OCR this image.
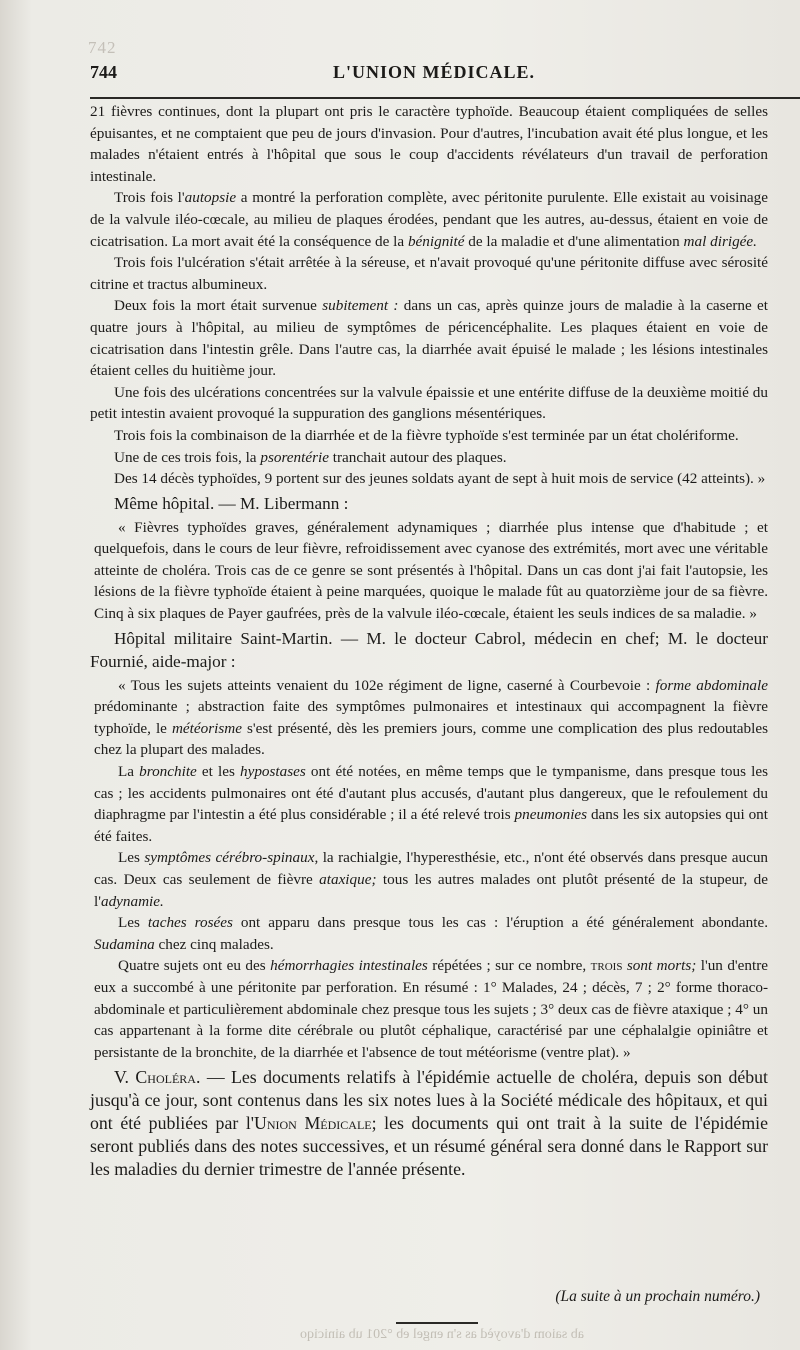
742
744	L'UNION MÉDICALE.

21 fièvres continues, dont la plupart ont pris le caractère typhoïde. Beaucoup étaient compliquées de selles épuisantes, et ne comptaient que peu de jours d'invasion. Pour d'autres, l'incubation avait été plus longue, et les malades n'étaient entrés à l'hôpital que sous le coup d'accidents révélateurs d'un travail de perforation intestinale.

Trois fois l'autopsie a montré la perforation complète, avec péritonite purulente. Elle existait au voisinage de la valvule iléo-cœcale, au milieu de plaques érodées, pendant que les autres, au-dessus, étaient en voie de cicatrisation. La mort avait été la conséquence de la bénignité de la maladie et d'une alimentation mal dirigée.

Trois fois l'ulcération s'était arrêtée à la séreuse, et n'avait provoqué qu'une péritonite diffuse avec sérosité citrine et tractus albumineux.

Deux fois la mort était survenue subitement : dans un cas, après quinze jours de maladie à la caserne et quatre jours à l'hôpital, au milieu de symptômes de péricencéphalite. Les plaques étaient en voie de cicatrisation dans l'intestin grêle. Dans l'autre cas, la diarrhée avait épuisé le malade ; les lésions intestinales étaient celles du huitième jour.

Une fois des ulcérations concentrées sur la valvule épaissie et une entérite diffuse de la deuxième moitié du petit intestin avaient provoqué la suppuration des ganglions mésentériques.

Trois fois la combinaison de la diarrhée et de la fièvre typhoïde s'est terminée par un état cholériforme.

Une de ces trois fois, la psorentérie tranchait autour des plaques.

Des 14 décès typhoïdes, 9 portent sur des jeunes soldats ayant de sept à huit mois de service (42 atteints). »

Même hôpital. — M. Libermann :

« Fièvres typhoïdes graves, généralement adynamiques ; diarrhée plus intense que d'habitude ; et quelquefois, dans le cours de leur fièvre, refroidissement avec cyanose des extrémités, mort avec une véritable atteinte de choléra. Trois cas de ce genre se sont présentés à l'hôpital. Dans un cas dont j'ai fait l'autopsie, les lésions de la fièvre typhoïde étaient à peine marquées, quoique le malade fût au quatorzième jour de sa fièvre. Cinq à six plaques de Payer gaufrées, près de la valvule iléo-cœcale, étaient les seuls indices de sa maladie. »

Hôpital militaire Saint-Martin. — M. le docteur Cabrol, médecin en chef; M. le docteur Fournié, aide-major :

« Tous les sujets atteints venaient du 102e régiment de ligne, caserné à Courbevoie : forme abdominale prédominante ; abstraction faite des symptômes pulmonaires et intestinaux qui accompagnent la fièvre typhoïde, le météorisme s'est présenté, dès les premiers jours, comme une complication des plus redoutables chez la plupart des malades.

La bronchite et les hypostases ont été notées, en même temps que le tympanisme, dans presque tous les cas ; les accidents pulmonaires ont été d'autant plus accusés, d'autant plus dangereux, que le refoulement du diaphragme par l'intestin a été plus considérable ; il a été relevé trois pneumonies dans les six autopsies qui ont été faites.

Les symptômes cérébro-spinaux, la rachialgie, l'hyperesthésie, etc., n'ont été observés dans presque aucun cas. Deux cas seulement de fièvre ataxique; tous les autres malades ont plutôt présenté de la stupeur, de l'adynamie.

Les taches rosées ont apparu dans presque tous les cas : l'éruption a été généralement abondante. Sudamina chez cinq malades.

Quatre sujets ont eu des hémorrhagies intestinales répétées ; sur ce nombre, trois sont morts; l'un d'entre eux a succombé à une péritonite par perforation. En résumé : 1° Malades, 24 ; décès, 7 ; 2° forme thoraco-abdominale et particulièrement abdominale chez presque tous les sujets ; 3° deux cas de fièvre ataxique ; 4° un cas appartenant à la forme dite cérébrale ou plutôt céphalique, caractérisé par une céphalalgie opiniâtre et persistante de la bronchite, de la diarrhée et l'absence de tout météorisme (ventre plat). »

V. Choléra. — Les documents relatifs à l'épidémie actuelle de choléra, depuis son début jusqu'à ce jour, sont contenus dans les six notes lues à la Société médicale des hôpitaux, et qui ont été publiées par l'Union Médicale; les documents qui ont trait à la suite de l'épidémie seront publiés dans des notes successives, et un résumé général sera donné dans le Rapport sur les maladies du dernier trimestre de l'année présente.

(La suite à un prochain numéro.)
ab saiom d'avoyèd as s'n engel eb °201 ub ainiciqo
